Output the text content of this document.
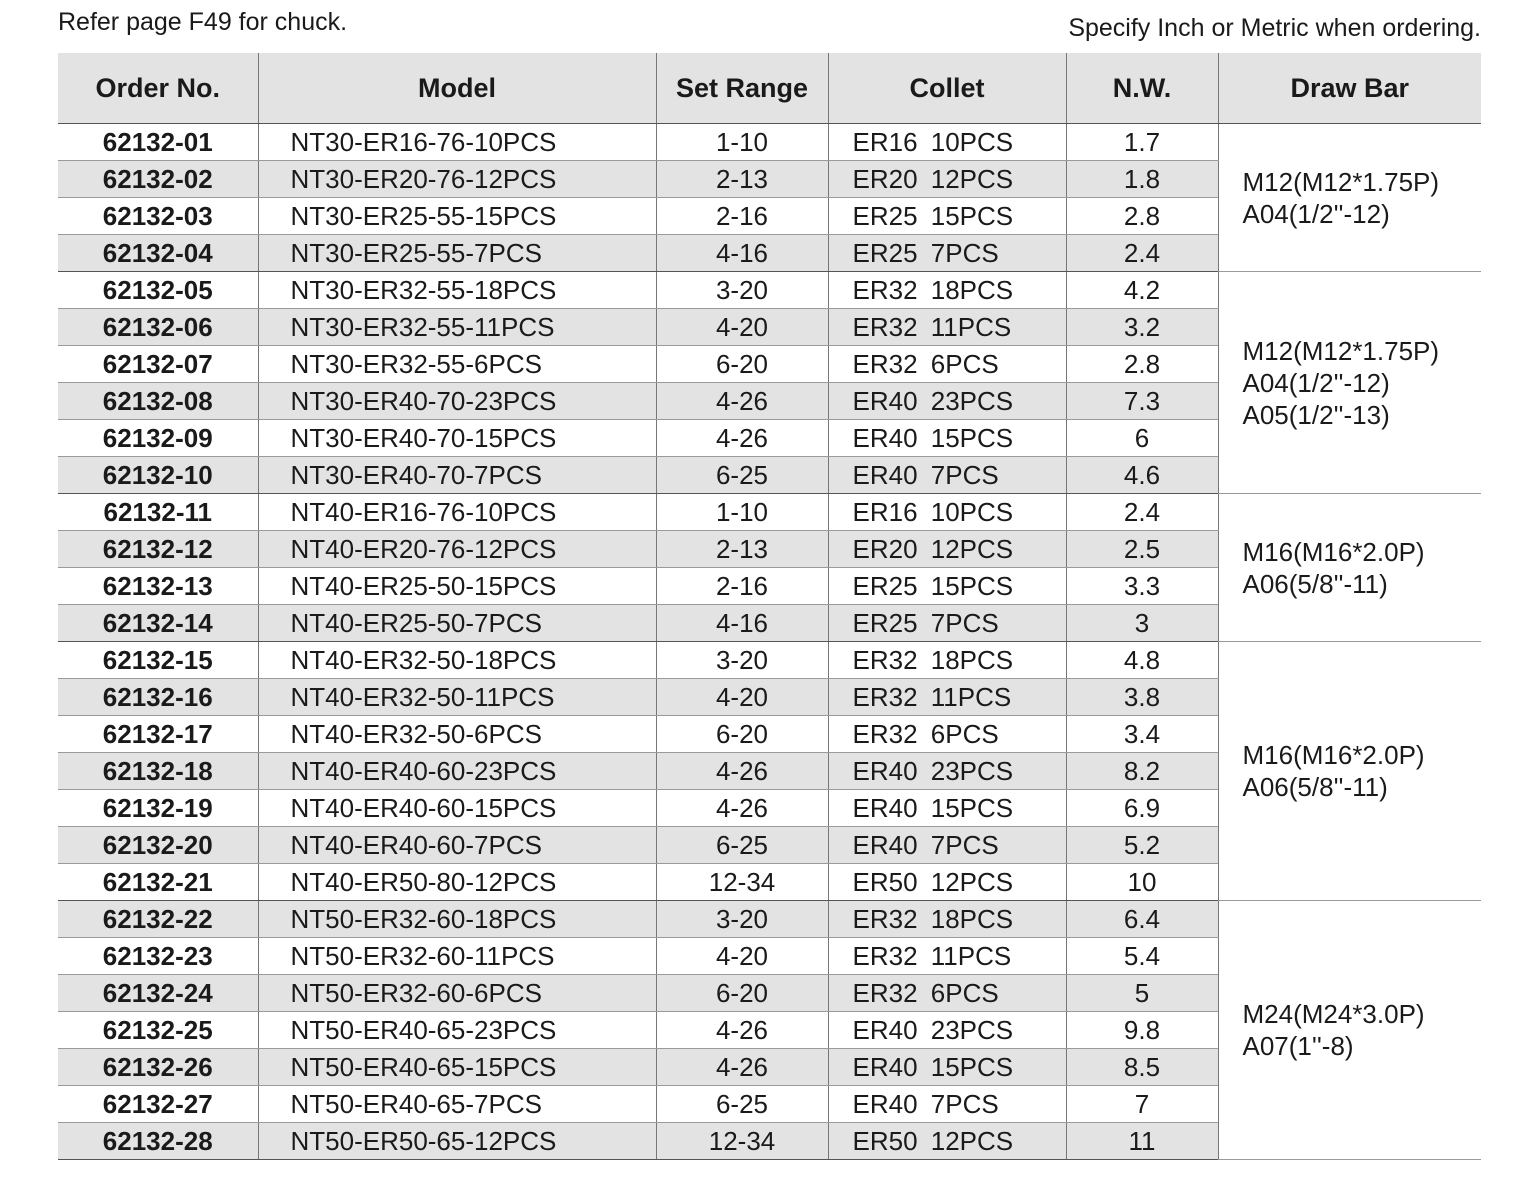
Refer page F49 for chuck.	Specify Inch or Metric when ordering.
Order No.	Model	Set Range	Collet	N.W.	Draw Bar
62132-01	NT30-ER16-76-10PCS	1-10	ER16 10PCS	1.7	M12(M12*1.75P)
A04(1/2''-12)

62132-02	NT30-ER20-76-12PCS	2-13	ER20 12PCS	1.8	
62132-03	NT30-ER25-55-15PCS	2-16	ER25 15PCS	2.8	
62132-04	NT30-ER25-55-7PCS	4-16	ER25 7PCS	2.4	
62132-05	NT30-ER32-55-18PCS	3-20	ER32 18PCS	4.2	M12(M12*1.75P)
A04(1/2''-12)
A05(1/2''-13)

62132-06	NT30-ER32-55-11PCS	4-20	ER32 11PCS	3.2	
62132-07	NT30-ER32-55-6PCS	6-20	ER32 6PCS	2.8	
62132-08	NT30-ER40-70-23PCS	4-26	ER40 23PCS	7.3	
62132-09	NT30-ER40-70-15PCS	4-26	ER40 15PCS	6	
62132-10	NT30-ER40-70-7PCS	6-25	ER40 7PCS	4.6	
62132-11	NT40-ER16-76-10PCS	1-10	ER16 10PCS	2.4	M16(M16*2.0P)
A06(5/8''-11)

62132-12	NT40-ER20-76-12PCS	2-13	ER20 12PCS	2.5	
62132-13	NT40-ER25-50-15PCS	2-16	ER25 15PCS	3.3	
62132-14	NT40-ER25-50-7PCS	4-16	ER25 7PCS	3	
62132-15	NT40-ER32-50-18PCS	3-20	ER32 18PCS	4.8	M16(M16*2.0P)
A06(5/8''-11)

62132-16	NT40-ER32-50-11PCS	4-20	ER32 11PCS	3.8	
62132-17	NT40-ER32-50-6PCS	6-20	ER32 6PCS	3.4	
62132-18	NT40-ER40-60-23PCS	4-26	ER40 23PCS	8.2	
62132-19	NT40-ER40-60-15PCS	4-26	ER40 15PCS	6.9	
62132-20	NT40-ER40-60-7PCS	6-25	ER40 7PCS	5.2	
62132-21	NT40-ER50-80-12PCS	12-34	ER50 12PCS	10	
62132-22	NT50-ER32-60-18PCS	3-20	ER32 18PCS	6.4	M24(M24*3.0P)
A07(1''-8)

62132-23	NT50-ER32-60-11PCS	4-20	ER32 11PCS	5.4	
62132-24	NT50-ER32-60-6PCS	6-20	ER32 6PCS	5	
62132-25	NT50-ER40-65-23PCS	4-26	ER40 23PCS	9.8	
62132-26	NT50-ER40-65-15PCS	4-26	ER40 15PCS	8.5	
62132-27	NT50-ER40-65-7PCS	6-25	ER40 7PCS	7	
62132-28	NT50-ER50-65-12PCS	12-34	ER50 12PCS	11	
